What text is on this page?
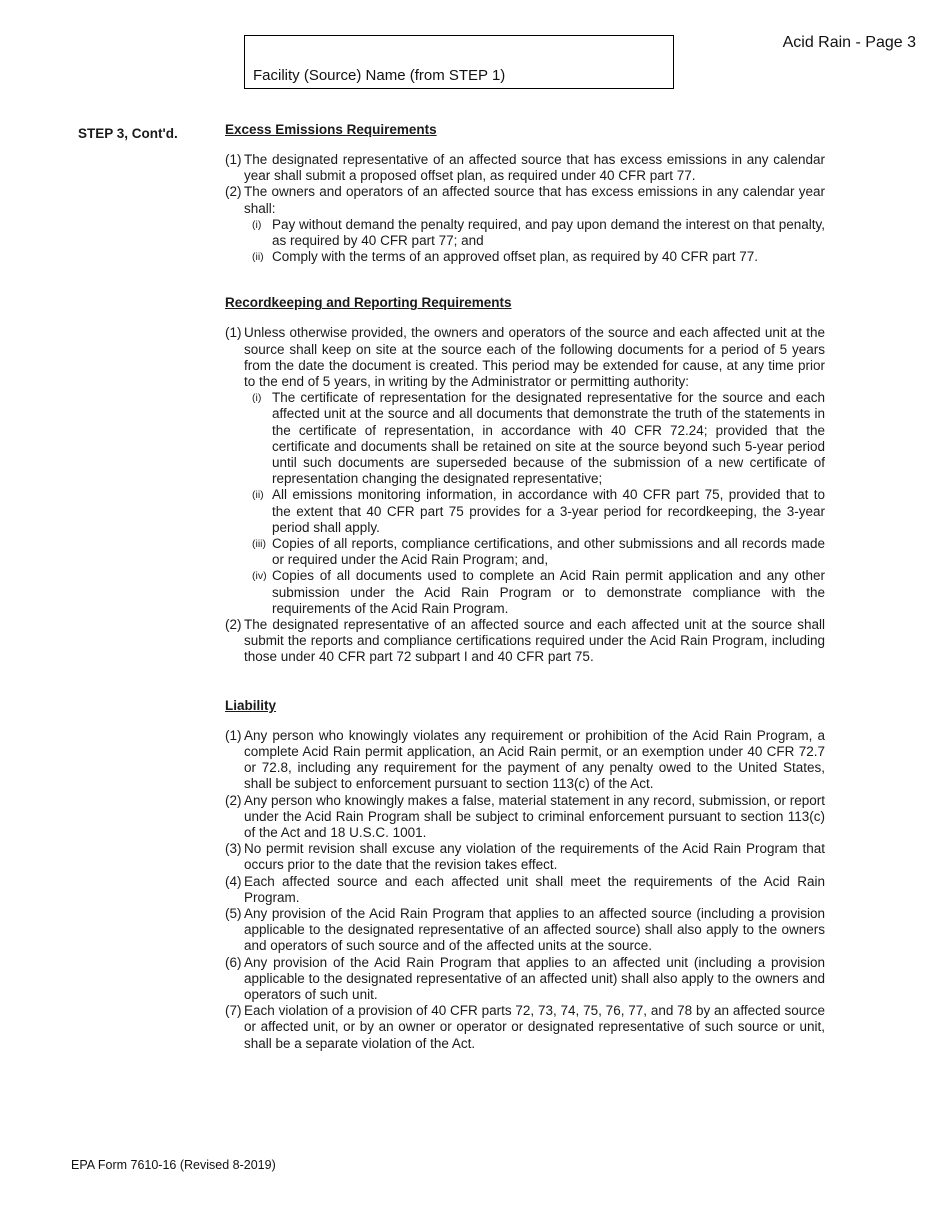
Facility (Source) Name (from STEP 1)
Acid Rain - Page 3
STEP 3, Cont'd.	Excess Emissions Requirements
(1) The designated representative of an affected source that has excess emissions in any calendar year shall submit a proposed offset plan, as required under 40 CFR part 77.
(2) The owners and operators of an affected source that has excess emissions in any calendar year shall:
(i) Pay without demand the penalty required, and pay upon demand the interest on that penalty, as required by 40 CFR part 77; and
(ii) Comply with the terms of an approved offset plan, as required by 40 CFR part 77.
Recordkeeping and Reporting Requirements
(1) Unless otherwise provided, the owners and operators of the source and each affected unit at the source shall keep on site at the source each of the following documents for a period of 5 years from the date the document is created. This period may be extended for cause, at any time prior to the end of 5 years, in writing by the Administrator or permitting authority:
(i) The certificate of representation for the designated representative for the source and each affected unit at the source and all documents that demonstrate the truth of the statements in the certificate of representation, in accordance with 40 CFR 72.24; provided that the certificate and documents shall be retained on site at the source beyond such 5-year period until such documents are superseded because of the submission of a new certificate of representation changing the designated representative;
(ii) All emissions monitoring information, in accordance with 40 CFR part 75, provided that to the extent that 40 CFR part 75 provides for a 3-year period for recordkeeping, the 3-year period shall apply.
(iii) Copies of all reports, compliance certifications, and other submissions and all records made or required under the Acid Rain Program; and,
(iv) Copies of all documents used to complete an Acid Rain permit application and any other submission under the Acid Rain Program or to demonstrate compliance with the requirements of the Acid Rain Program.
(2) The designated representative of an affected source and each affected unit at the source shall submit the reports and compliance certifications required under the Acid Rain Program, including those under 40 CFR part 72 subpart I and 40 CFR part 75.
Liability
(1) Any person who knowingly violates any requirement or prohibition of the Acid Rain Program, a complete Acid Rain permit application, an Acid Rain permit, or an exemption under 40 CFR 72.7 or 72.8, including any requirement for the payment of any penalty owed to the United States, shall be subject to enforcement pursuant to section 113(c) of the Act.
(2) Any person who knowingly makes a false, material statement in any record, submission, or report under the Acid Rain Program shall be subject to criminal enforcement pursuant to section 113(c) of the Act and 18 U.S.C. 1001.
(3) No permit revision shall excuse any violation of the requirements of the Acid Rain Program that occurs prior to the date that the revision takes effect.
(4) Each affected source and each affected unit shall meet the requirements of the Acid Rain Program.
(5) Any provision of the Acid Rain Program that applies to an affected source (including a provision applicable to the designated representative of an affected source) shall also apply to the owners and operators of such source and of the affected units at the source.
(6) Any provision of the Acid Rain Program that applies to an affected unit (including a provision applicable to the designated representative of an affected unit) shall also apply to the owners and operators of such unit.
(7) Each violation of a provision of 40 CFR parts 72, 73, 74, 75, 76, 77, and 78 by an affected source or affected unit, or by an owner or operator or designated representative of such source or unit, shall be a separate violation of the Act.
EPA Form 7610-16 (Revised 8-2019)
